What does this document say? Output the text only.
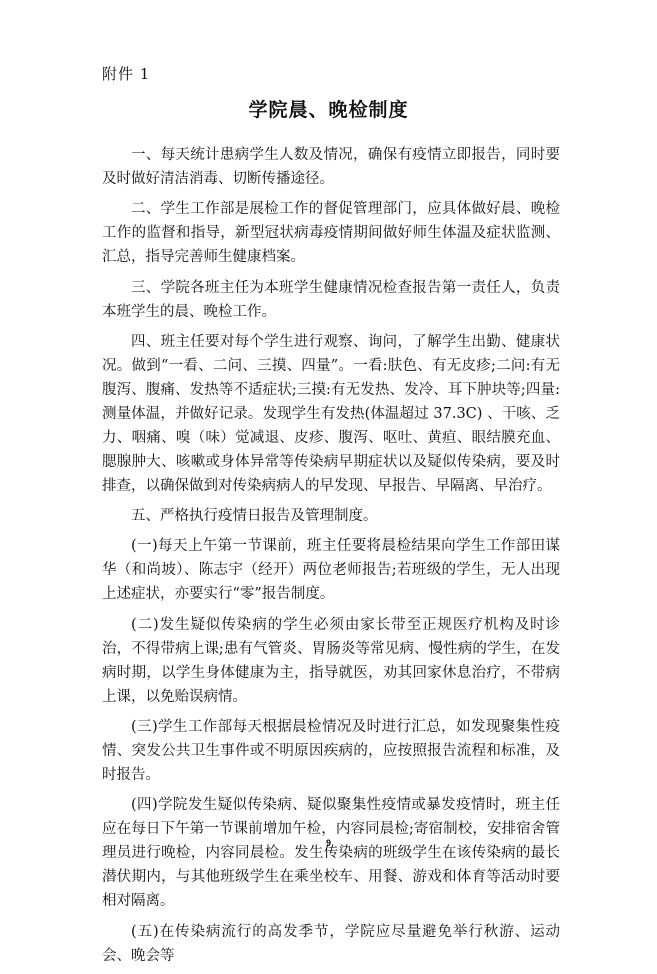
附件 1
学院晨、晚检制度

一、每天统计患病学生人数及情况，确保有疫情立即报告，同时要及时做好清洁消毒、切断传播途径。

二、学生工作部是展检工作的督促管理部门，应具体做好晨、晚检工作的监督和指导，新型冠状病毒疫情期间做好师生体温及症状监测、汇总，指导完善师生健康档案。

三、学院各班主任为本班学生健康情况检查报告第一责任人，负责本班学生的晨、晚检工作。

四、班主任要对每个学生进行观察、询问，了解学生出勤、健康状况。做到“一看、二问、三摸、四量”。一看:肤色、有无皮疹;二问:有无腹泻、腹痛、发热等不适症状;三摸:有无发热、发冷、耳下肿块等;四量:测量体温，并做好记录。发现学生有发热(体温超过 37.3C) 、干咳、乏力、咽痛、嗅（味）觉减退、皮疹、腹泻、呕吐、黄疸、眼结膜充血、腮腺肿大、咳嗽或身体异常等传染病早期症状以及疑似传染病，要及时排查，以确保做到对传染病病人的早发现、早报告、早隔离、早治疗。

五、严格执行疫情日报告及管理制度。

(一)每天上午第一节课前，班主任要将晨检结果向学生工作部田谋华（和尚坡）、陈志宇（经开）两位老师报告;若班级的学生，无人出现上述症状，亦要实行“零”报告制度。

(二)发生疑似传染病的学生必须由家长带至正规医疗机构及时诊治，不得带病上课;患有气管炎、胃肠炎等常见病、慢性病的学生，在发病时期，以学生身体健康为主，指导就医，劝其回家休息治疗，不带病上课，以免贻误病情。

(三)学生工作部每天根据晨检情况及时进行汇总，如发现聚集性疫情、突发公共卫生事件或不明原因疾病的，应按照报告流程和标准，及时报告。

(四)学院发生疑似传染病、疑似聚集性疫情或暴发疫情时，班主任应在每日下午第一节课前增加午检，内容同晨检;寄宿制校，安排宿舍管理员进行晚检，内容同晨检。发生传染病的班级学生在该传染病的最长潜伏期内，与其他班级学生在乘坐校车、用餐、游戏和体育等活动时要相对隔离。

(五)在传染病流行的高发季节，学院应尽量避免举行秋游、运动会、晚会等

9
